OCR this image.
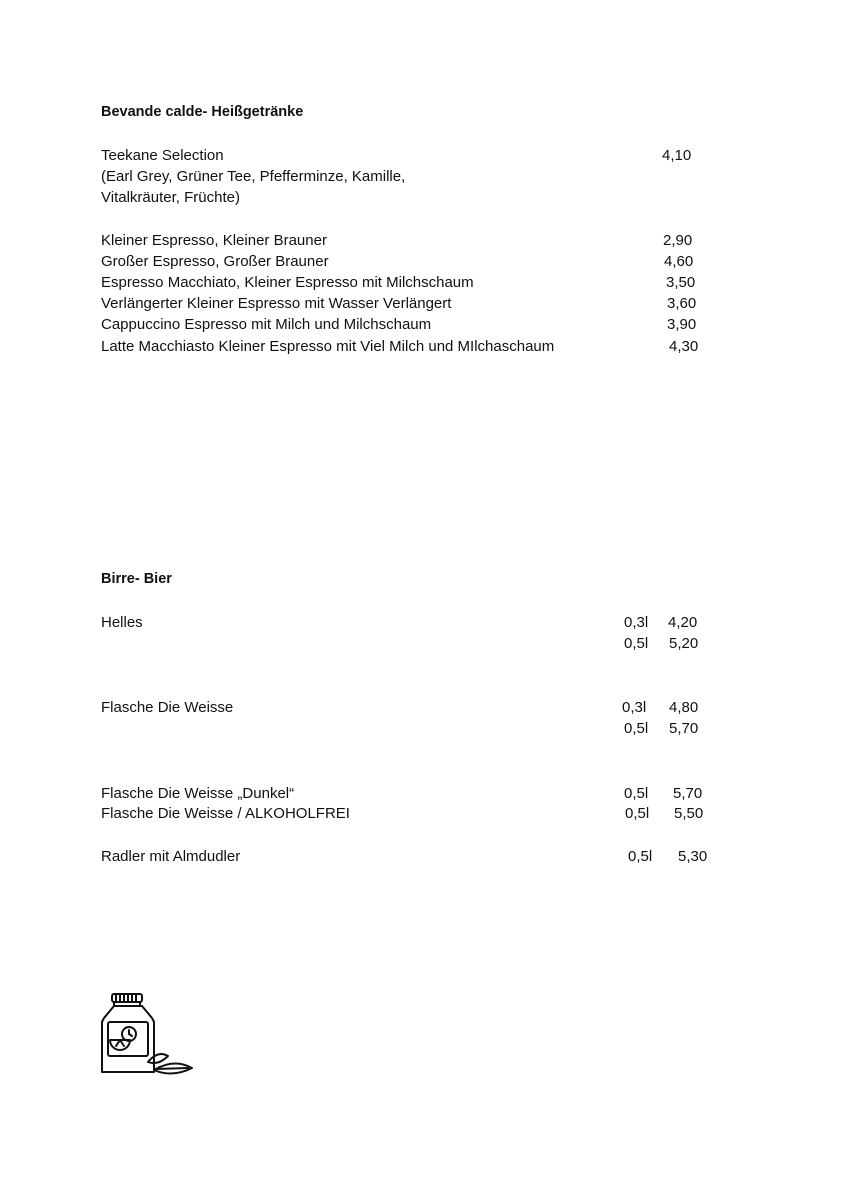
Bevande calde- Heißgetränke
Teekane Selection	4,10
(Earl Grey, Grüner Tee, Pfefferminze, Kamille,
Vitalkräuter, Früchte)
Kleiner Espresso, Kleiner Brauner	2,90
Großer Espresso, Großer Brauner	4,60
Espresso Macchiato, Kleiner Espresso mit Milchschaum	3,50
Verlängerter Kleiner Espresso mit Wasser Verlängert	3,60
Cappuccino Espresso mit Milch und Milchschaum	3,90
Latte Macchiasto Kleiner Espresso mit Viel Milch und MIlchaschaum	4,30
Birre- Bier
Helles	0,3l 4,20
0,5l 5,20
Flasche Die Weisse	0,3l 4,80
0,5l 5,70
Flasche Die Weisse „Dunkel“	0,5l 5,70
Flasche Die Weisse / ALKOHOLFREI	0,5l 5,50
Radler mit Almdudler	0,5l 5,30
